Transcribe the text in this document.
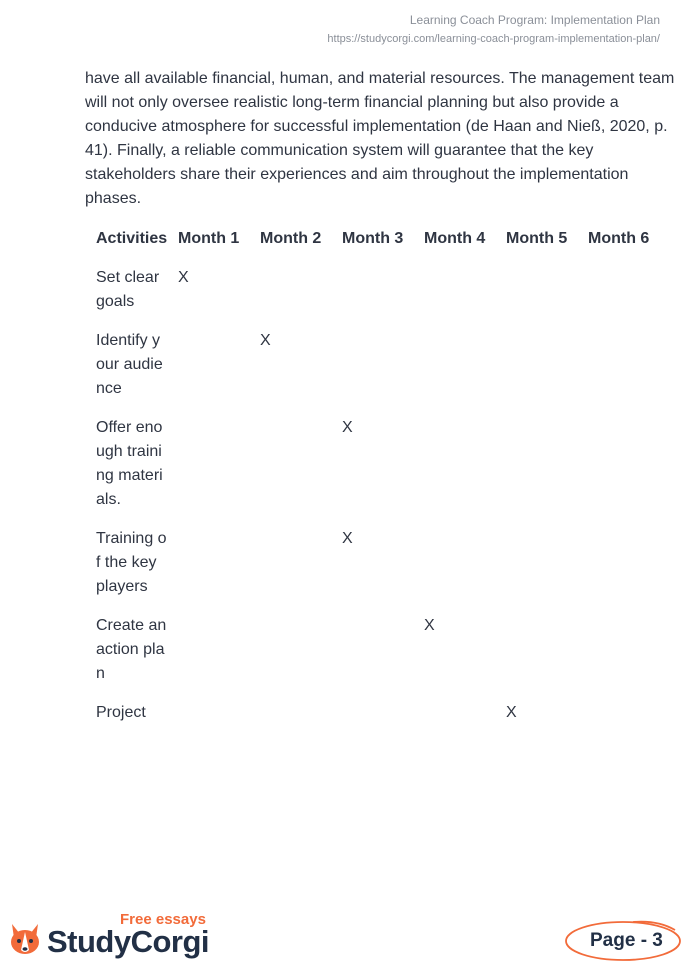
Learning Coach Program: Implementation Plan
https://studycorgi.com/learning-coach-program-implementation-plan/

have all available financial, human, and material resources. The management team will not only oversee realistic long-term financial planning but also provide a conducive atmosphere for successful implementation (de Haan and Nieß, 2020, p. 41). Finally, a reliable communication system will guarantee that the key stakeholders share their experiences and aim throughout the implementation phases.

Activities	Month 1	Month 2	Month 3	Month 4	Month 5	Month 6
Set clear goals	X					
Identify your audience		X				
Offer enough training materials.			X			
Training of the key players			X			
Create an action plan				X		
Project					X	
Free essays
StudyCorgi	Page - 3
